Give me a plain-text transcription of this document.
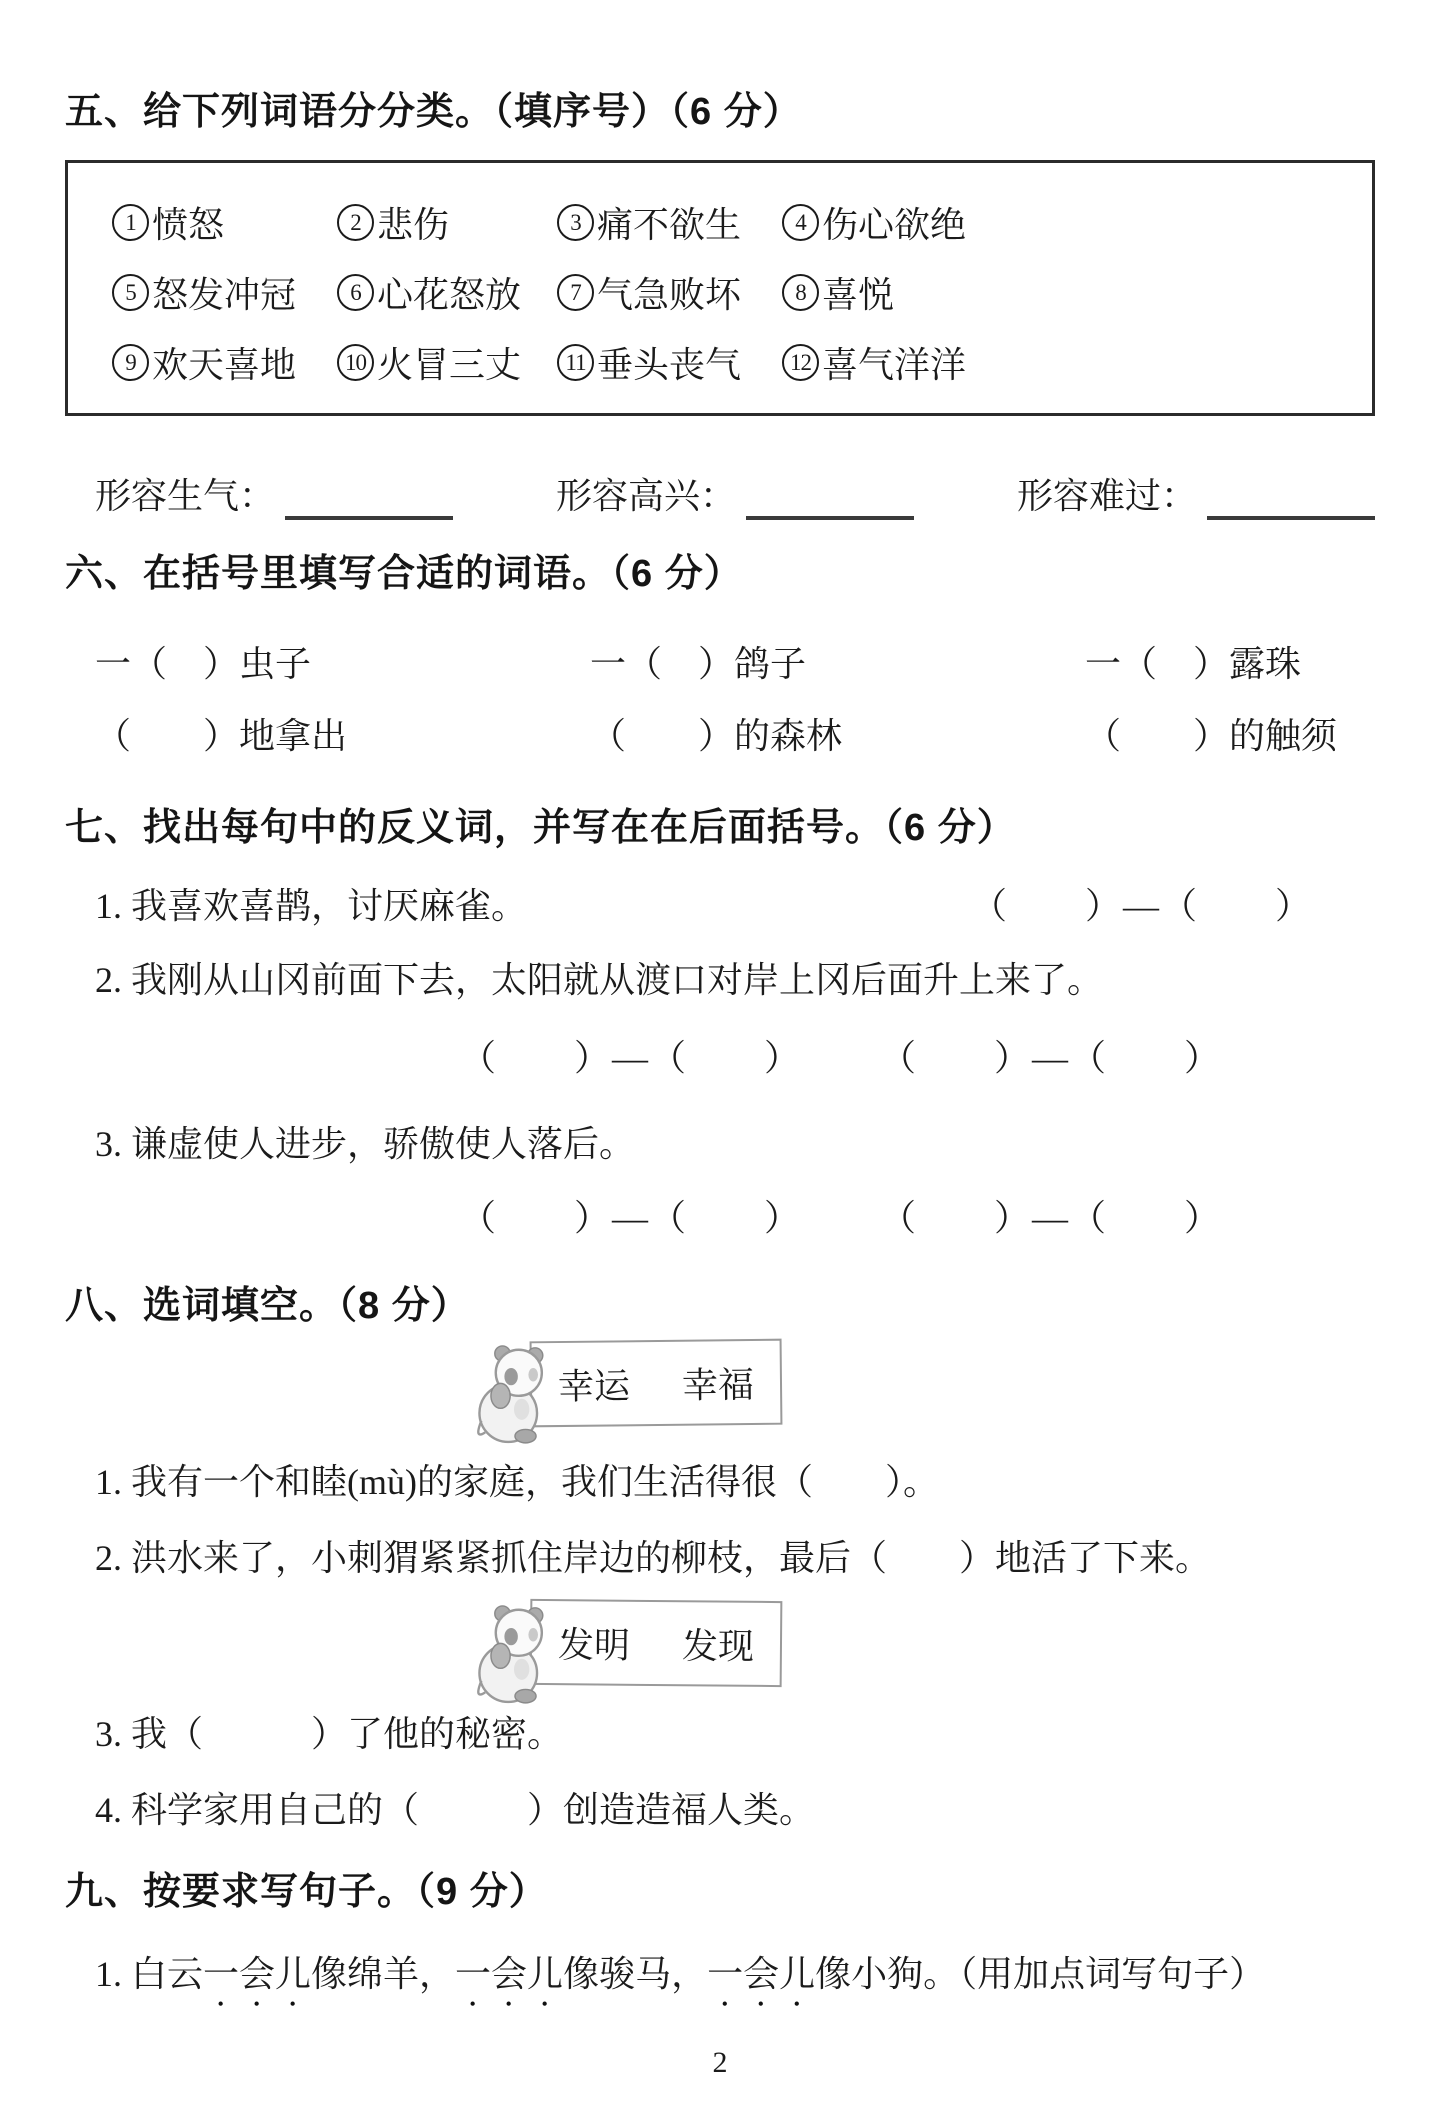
五、给下列词语分分类。（填序号）（6 分）
1 愤怒	2 悲伤	3 痛不欲生	4 伤心欲绝
5 怒发冲冠	6 心花怒放	7 气急败坏	8 喜悦
9 欢天喜地	10 火冒三丈	11 垂头丧气	12 喜气洋洋
形容生气：	形容高兴：	形容难过：
六、在括号里填写合适的词语。（6 分）
一（　）虫子	一（　）鸽子	一（　）露珠
（　　）地拿出	（　　）的森林	（　　）的触须
七、找出每句中的反义词，并写在在后面括号。（6 分）
1. 我喜欢喜鹊，讨厌麻雀。	（　　）—（　　）
2. 我刚从山冈前面下去，太阳就从渡口对岸上冈后面升上来了。
（　　）—（　　）　　　（　　）—（　　）
3. 谦虚使人进步，骄傲使人落后。
（　　）—（　　）　　　（　　）—（　　）
八、选词填空。（8 分）
幸运 幸福
1. 我有一个和睦(mù)的家庭，我们生活得很（　　）。
2. 洪水来了，小刺猬紧紧抓住岸边的柳枝，最后（　　）地活了下来。
发明 发现
3. 我（　　　）了他的秘密。
4. 科学家用自己的（　　　）创造造福人类。
九、按要求写句子。（9 分）
1. 白云一会儿像绵羊，一会儿像骏马，一会儿像小狗。（用加点词写句子）
2
